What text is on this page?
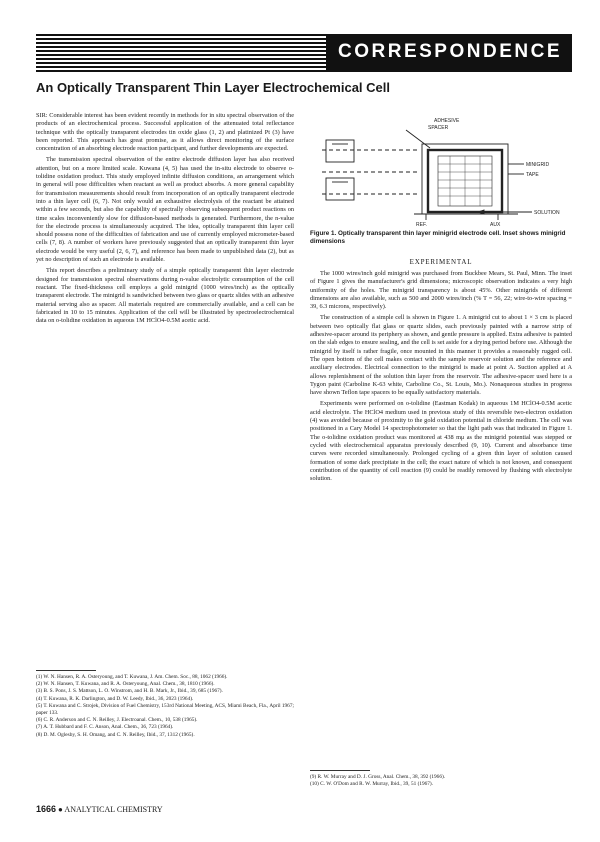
CORRESPONDENCE
An Optically Transparent Thin Layer Electrochemical Cell

SIR: Considerable interest has been evident recently in methods for in situ spectral observation of the products of an electrochemical process. Successful application of the attenuated total reflectance technique with the optically transparent electrodes tin oxide glass (1, 2) and platinized Pt (3) have been reported. This approach has great promise, as it allows direct monitoring of the surface concentration of an absorbing electrode reaction participant, and further developments are expected.

The transmission spectral observation of the entire electrode diffusion layer has also received attention, but on a more limited scale. Kuwana (4, 5) has used the in-situ electrode to observe o-tolidine oxidation product. This study employed infinite diffusion conditions, an arrangement which in general will pose difficulties when reactant as well as product absorbs. A more general capability for transmission measurements should result from incorporation of an optically transparent electrode into a thin layer cell (6, 7). Not only would an exhaustive electrolysis of the reactant be attained within a few seconds, but also the capability of spectrally observing subsequent product reactions on time scales inconveniently slow for diffusion-based methods is generated. Furthermore, the n-value for the electrode process is simultaneously acquired. The idea, optically transparent thin layer cell should possess none of the difficulties of fabrication and use of currently employed micrometer-based cells (7, 8). A number of workers have previously suggested that an optically transparent thin layer electrode would be very useful (2, 6, 7), and reference has been made to unpublished data (2), but as yet no description of such an electrode is available.

This report describes a preliminary study of a simple optically transparent thin layer electrode designed for transmission spectral observations during n-value electrolytic consumption of the cell reactant. The fixed-thickness cell employs a gold minigrid (1000 wires/inch) as the optically transparent electrode. The minigrid is sandwiched between two glass or quartz slides with an adhesive material serving also as spacer. All materials required are commercially available, and a cell can be fabricated in 10 to 15 minutes. Application of the cell will be illustrated by spectroelectrochemical data on o-tolidine oxidation in aqueous 1M HClO4-0.5M acetic acid.

(1) W. N. Hansen, R. A. Osteryoung, and T. Kuwana, J. Am. Chem. Soc., 88, 1062 (1966).
(2) W. N. Hansen, T. Kuwana, and R. A. Osteryoung, Anal. Chem., 38, 1810 (1966).
(3) B. S. Pons, J. S. Mattson, L. O. Winstrom, and H. B. Mark, Jr., Ibid., 39, 685 (1967).
(4) T. Kuwana, R. K. Darlington, and D. W. Leedy, Ibid., 36, 2023 (1964).
(5) T. Kuwana and C. Strojek, Division of Fuel Chemistry, 153rd National Meeting, ACS, Miami Beach, Fla., April 1967; paper 133.
(6) C. R. Anderson and C. N. Reilley, J. Electroanal. Chem., 10, 538 (1965).
(7) A. T. Hubbard and F. C. Anson, Anal. Chem., 36, 723 (1964).
(8) D. M. Oglesby, S. H. Omang, and C. N. Reilley, Ibid., 37, 1312 (1965).
ADHESIVE
SPACER
MINIGRID
TAPE
SOLUTION
REF.	AUX
Figure 1. Optically transparent thin layer minigrid electrode cell. Inset shows minigrid dimensions
EXPERIMENTAL

The 1000 wires/inch gold minigrid was purchased from Buckbee Mears, St. Paul, Minn. The inset of Figure 1 gives the manufacturer's grid dimensions; microscopic observation indicates a very high uniformity of the holes. The minigrid transparency is about 45%. Other minigrids of different dimensions are also available, such as 500 and 2000 wires/inch (% T = 56, 22; wire-to-wire spacing = 39, 6.3 microns, respectively).

The construction of a simple cell is shown in Figure 1. A minigrid cut to about 1 × 3 cm is placed between two optically flat glass or quartz slides, each previously painted with a narrow strip of adhesive-spacer around its periphery as shown, and gentle pressure is applied. Extra adhesive is painted on the slab edges to ensure sealing, and the cell is set aside for a drying period before use. Although the minigrid by itself is rather fragile, once mounted in this manner it provides a reasonably rugged cell. The open bottom of the cell makes contact with the sample reservoir solution and the reference and auxiliary electrodes. Electrical connection to the minigrid is made at point A. Suction applied at A allows replenishment of the solution thin layer from the reservoir. The adhesive-spacer used here is a Tygon paint (Carboline K-63 white, Carboline Co., St. Louis, Mo.). Nonaqueous studies in progress have shown Teflon tape spacers to be equally satisfactory materials.

Experiments were performed on o-tolidine (Eastman Kodak) in aqueous 1M HClO4-0.5M acetic acid electrolyte. The HClO4 medium used in previous study of this reversible two-electron oxidation (4) was avoided because of proximity to the gold oxidation potential in chloride medium. The cell was positioned in a Cary Model 14 spectrophotometer so that the light path was that indicated in Figure 1. The o-tolidine oxidation product was monitored at 438 mμ as the minigrid potential was stepped or cycled with electrochemical apparatus previously described (9, 10). Current and absorbance time curves were recorded simultaneously. Prolonged cycling of a given thin layer of solution caused formation of some dark precipitate in the cell; the exact nature of which is not known, and consequent contribution of the quantity of cell reaction (9) could be readily removed by flushing with electrolyte solution.

(9) R. W. Murray and D. J. Gross, Anal. Chem., 38, 392 (1966).
(10) C. W. O'Dom and R. W. Murray, Ibid., 39, 51 (1967).
1666 ● ANALYTICAL CHEMISTRY
